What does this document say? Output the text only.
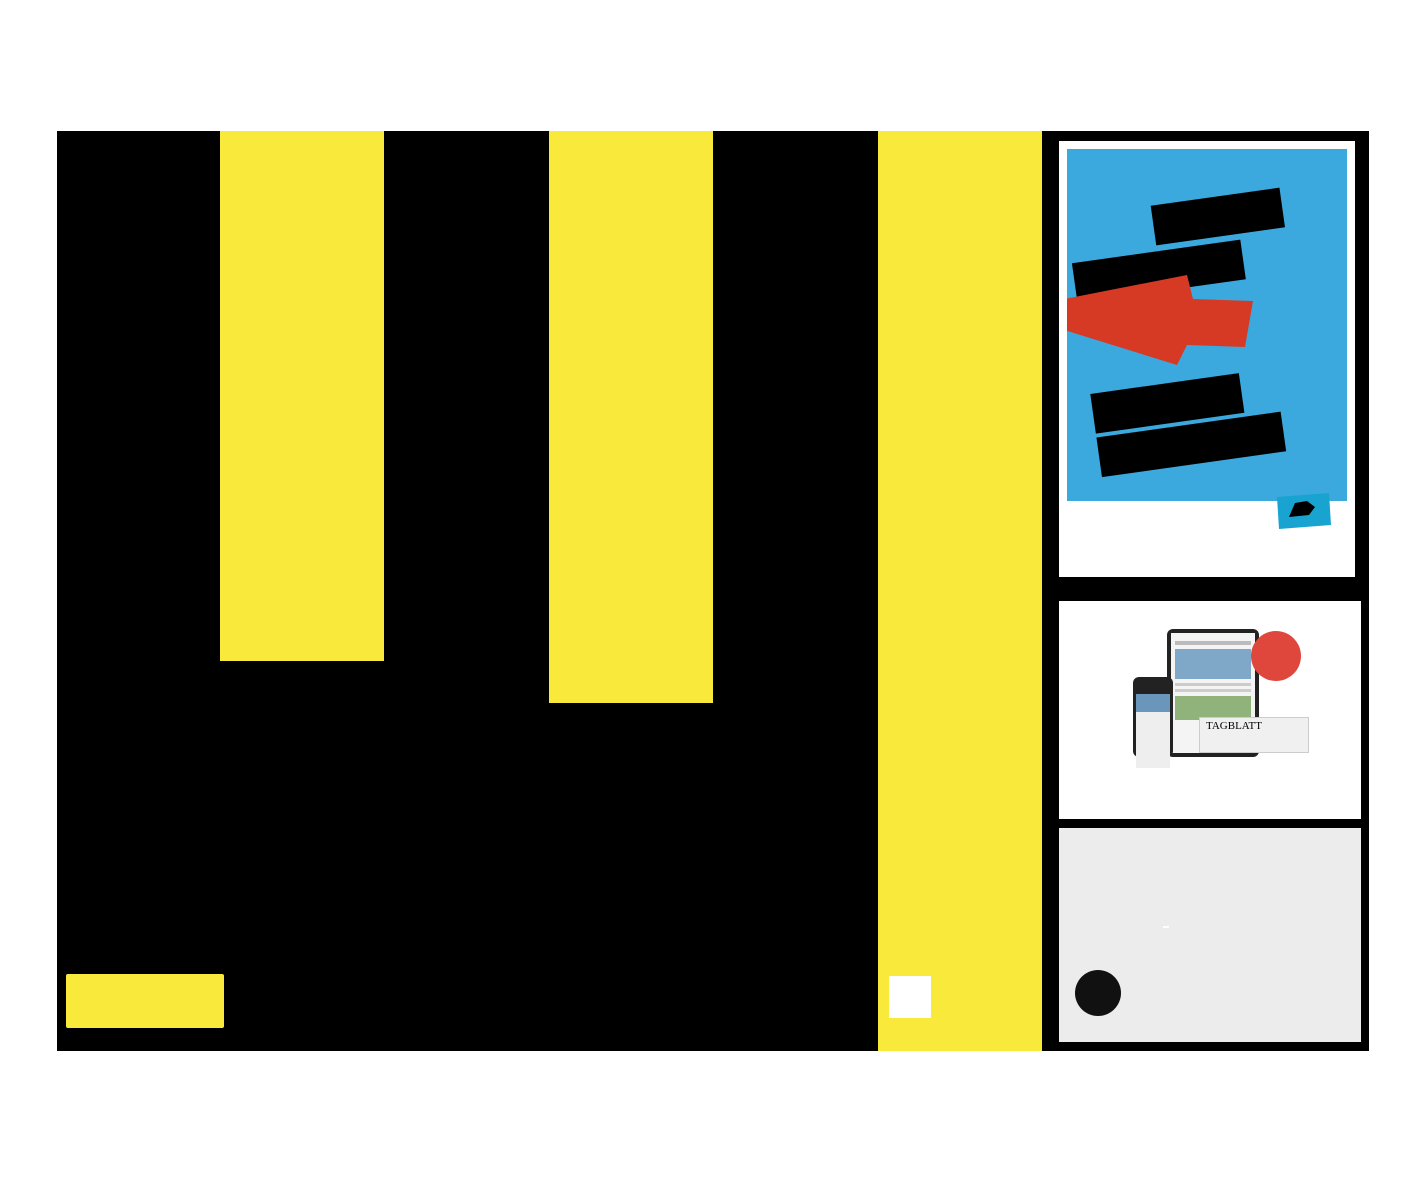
TAGBLATT
